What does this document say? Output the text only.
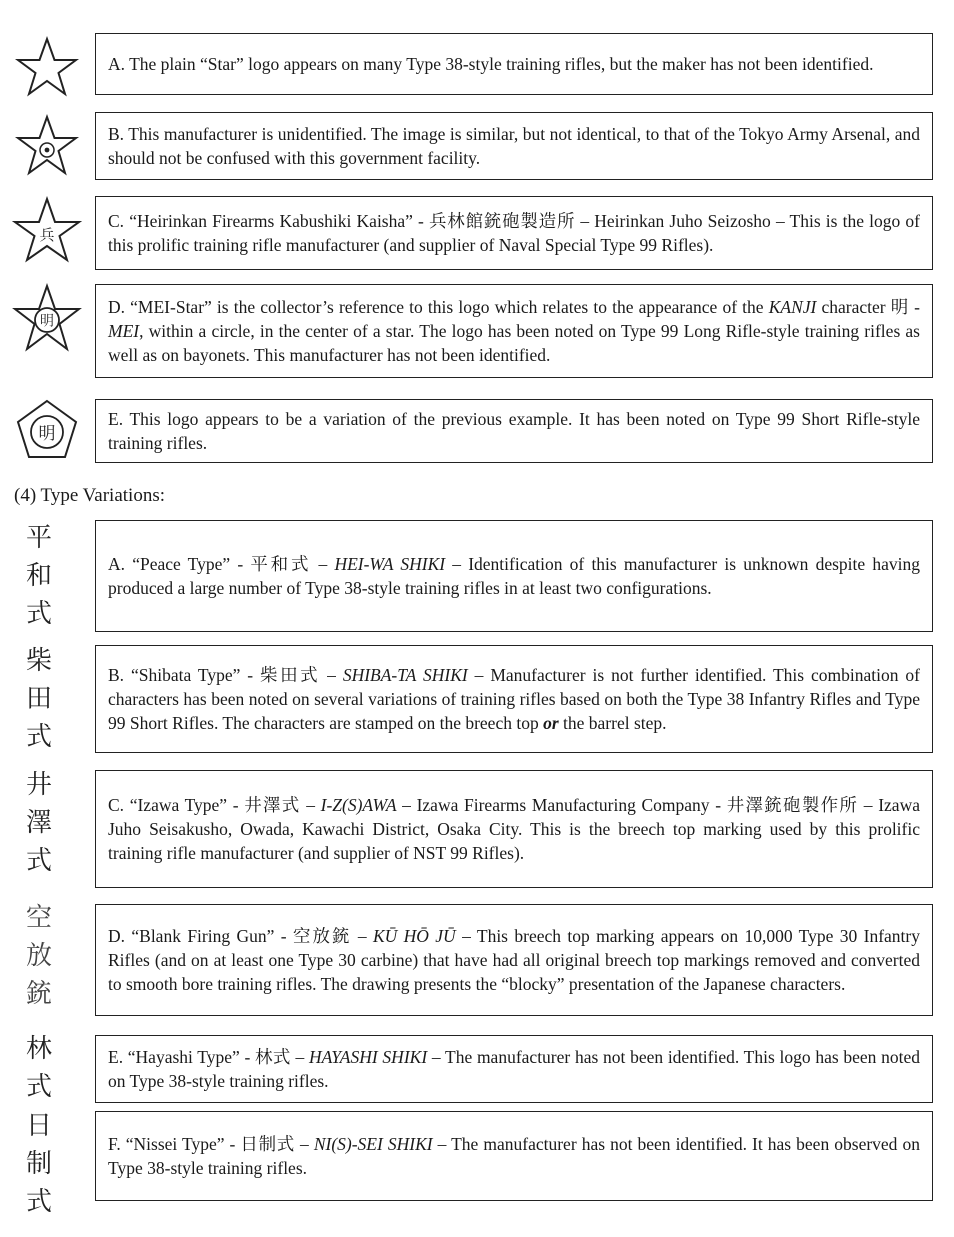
兵
明
明

A. The plain “Star” logo appears on many Type 38-style training rifles, but the maker has not been identified.

B. This manufacturer is unidentified. The image is similar, but not identical, to that of the Tokyo Army Arsenal, and should not be confused with this government facility.

C. “Heirinkan Firearms Kabushiki Kaisha” - 兵林館銃砲製造所 – Heirinkan Juho Seizosho – This is the logo of this prolific training rifle manufacturer (and supplier of Naval Special Type 99 Rifles).

D. “MEI-Star” is the collector’s reference to this logo which relates to the appearance of the KANJI character 明 - MEI, within a circle, in the center of a star. The logo has been noted on Type 99 Long Rifle-style training rifles as well as on bayonets. This manufacturer has not been identified.

E. This logo appears to be a variation of the previous example. It has been noted on Type 99 Short Rifle-style training rifles.

(4) Type Variations:
平
和
式
柴
田
式
井
澤
式
空
放
銃
林
式
日
制
式

A. “Peace Type” - 平和式 – HEI-WA SHIKI – Identification of this manufacturer is unknown despite having produced a large number of Type 38-style training rifles in at least two configurations.

B. “Shibata Type” - 柴田式 – SHIBA-TA SHIKI – Manufacturer is not further identified. This combination of characters has been noted on several variations of training rifles based on both the Type 38 Infantry Rifles and Type 99 Short Rifles. The characters are stamped on the breech top or the barrel step.

C. “Izawa Type” - 井澤式 – I-Z(S)AWA – Izawa Firearms Manufacturing Company - 井澤銃砲製作所 – Izawa Juho Seisakusho, Owada, Kawachi District, Osaka City. This is the breech top marking used by this prolific training rifle manufacturer (and supplier of NST 99 Rifles).

D. “Blank Firing Gun” - 空放銃 – KŪ HŌ JŪ – This breech top marking appears on 10,000 Type 30 Infantry Rifles (and on at least one Type 30 carbine) that have had all original breech top markings removed and converted to smooth bore training rifles. The drawing presents the “blocky” presentation of the Japanese characters.

E. “Hayashi Type” - 林式 – HAYASHI SHIKI – The manufacturer has not been identified. This logo has been noted on Type 38-style training rifles.

F. “Nissei Type” - 日制式 – NI(S)-SEI SHIKI – The manufacturer has not been identified. It has been observed on Type 38-style training rifles.
